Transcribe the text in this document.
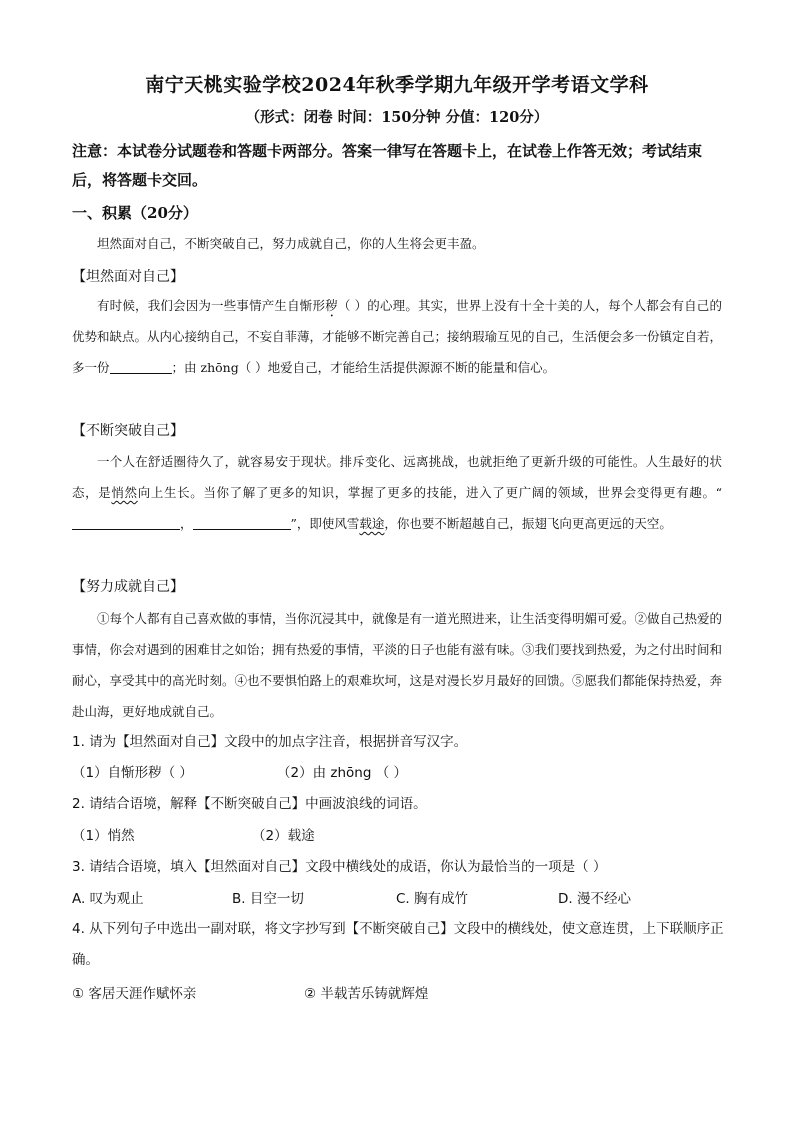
南宁天桃实验学校2024年秋季学期九年级开学考语文学科
（形式：闭卷 时间：150分钟 分值：120分）
注意：本试卷分试题卷和答题卡两部分。答案一律写在答题卡上，在试卷上作答无效；考试结束后，将答题卡交回。
一、积累（20分）
坦然面对自己，不断突破自己，努力成就自己，你的人生将会更丰盈。
【坦然面对自己】
有时候，我们会因为一些事情产生自惭形秽（ ）的心理。其实，世界上没有十全十美的人，每个人都会有自己的优势和缺点。从内心接纳自己，不妄自菲薄，才能够不断完善自己；接纳瑕瑜互见的自己，生活便会多一份镇定自若，多一份	；由 zhōng（ ）地爱自己，才能给生活提供源源不断的能量和信心。
【不断突破自己】
一个人在舒适圈待久了，就容易安于现状。排斥变化、远离挑战，也就拒绝了更新升级的可能性。人生最好的状态，是悄然向上生长。当你了解了更多的知识，掌握了更多的技能，进入了更广阔的领域，世界会变得更有趣。“，	”，即使风雪载途，你也要不断超越自己，振翅飞向更高更远的天空。
【努力成就自己】
①每个人都有自己喜欢做的事情，当你沉浸其中，就像是有一道光照进来，让生活变得明媚可爱。②做自己热爱的事情，你会对遇到的困难甘之如饴；拥有热爱的事情，平淡的日子也能有滋有味。③我们要找到热爱，为之付出时间和耐心，享受其中的高光时刻。④也不要惧怕路上的艰难坎坷，这是对漫长岁月最好的回馈。⑤愿我们都能保持热爱，奔赴山海，更好地成就自己。
1. 请为【坦然面对自己】文段中的加点字注音，根据拼音写汉字。
（1）自惭形秽（ ）	（2）由 zhōng （ ）
2. 请结合语境，解释【不断突破自己】中画波浪线的词语。
（1）悄然	（2）载途
3. 请结合语境，填入【坦然面对自己】文段中横线处的成语，你认为最恰当的一项是（ ）
A. 叹为观止	B. 目空一切	C. 胸有成竹	D. 漫不经心
4. 从下列句子中选出一副对联，将文字抄写到【不断突破自己】文段中的横线处，使文意连贯，上下联顺序正确。
① 客居天涯作赋怀亲	② 半载苦乐铸就辉煌
